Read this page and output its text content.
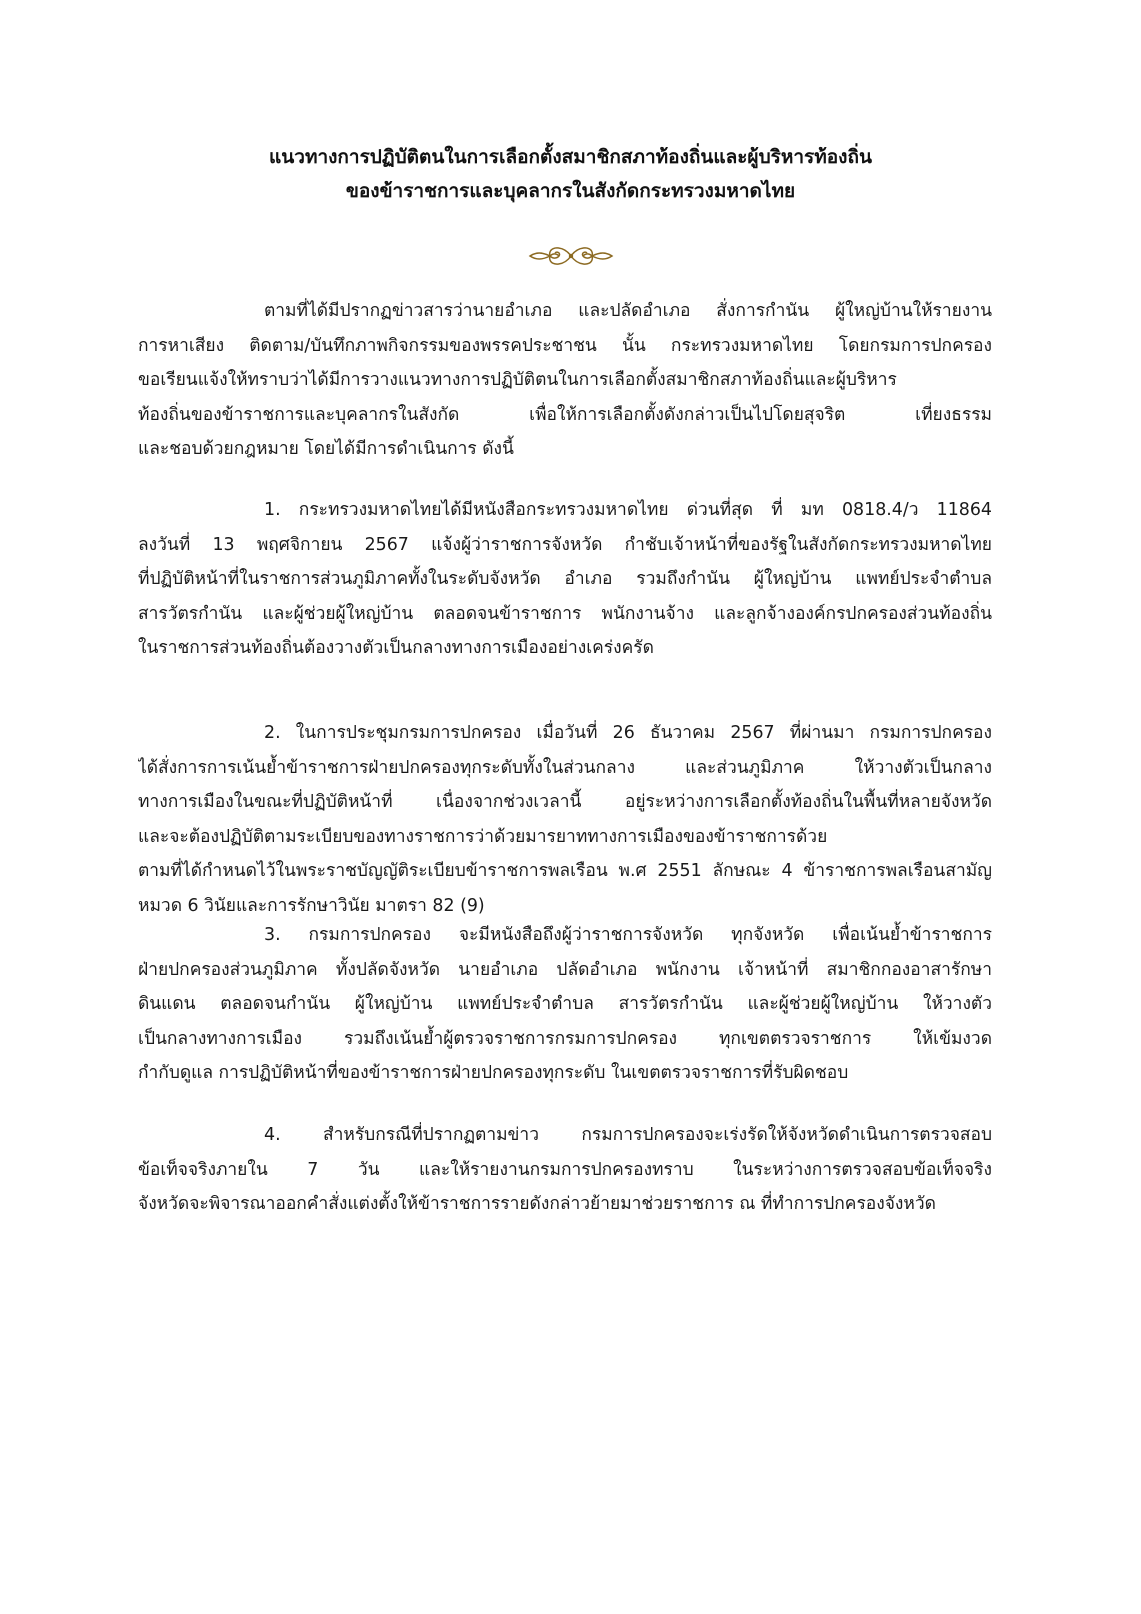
แนวทางการปฏิบัติตนในการเลือกตั้งสมาชิกสภาท้องถิ่นและผู้บริหารท้องถิ่น
ของข้าราชการและบุคลากรในสังกัดกระทรวงมหาดไทย
ตามที่ได้มีปรากฏข่าวสารว่านายอำเภอ และปลัดอำเภอ สั่งการกำนัน ผู้ใหญ่บ้านให้รายงาน
การหาเสียง ติดตาม/บันทึกภาพกิจกรรมของพรรคประชาชน นั้น กระทรวงมหาดไทย โดยกรมการปกครอง
ขอเรียนแจ้งให้ทราบว่าได้มีการวางแนวทางการปฏิบัติตนในการเลือกตั้งสมาชิกสภาท้องถิ่นและผู้บริหาร
ท้องถิ่นของข้าราชการและบุคลากรในสังกัด เพื่อให้การเลือกตั้งดังกล่าวเป็นไปโดยสุจริต เที่ยงธรรม
และชอบด้วยกฎหมาย โดยได้มีการดำเนินการ ดังนี้
1. กระทรวงมหาดไทยได้มีหนังสือกระทรวงมหาดไทย ด่วนที่สุด ที่ มท 0818.4/ว 11864
ลงวันที่ 13 พฤศจิกายน 2567 แจ้งผู้ว่าราชการจังหวัด กำชับเจ้าหน้าที่ของรัฐในสังกัดกระทรวงมหาดไทย
ที่ปฏิบัติหน้าที่ในราชการส่วนภูมิภาคทั้งในระดับจังหวัด อำเภอ รวมถึงกำนัน ผู้ใหญ่บ้าน แพทย์ประจำตำบล
สารวัตรกำนัน และผู้ช่วยผู้ใหญ่บ้าน ตลอดจนข้าราชการ พนักงานจ้าง และลูกจ้างองค์กรปกครองส่วนท้องถิ่น
ในราชการส่วนท้องถิ่นต้องวางตัวเป็นกลางทางการเมืองอย่างเคร่งครัด
2. ในการประชุมกรมการปกครอง เมื่อวันที่ 26 ธันวาคม 2567 ที่ผ่านมา กรมการปกครอง
ได้สั่งการการเน้นย้ำข้าราชการฝ่ายปกครองทุกระดับทั้งในส่วนกลาง และส่วนภูมิภาค ให้วางตัวเป็นกลาง
ทางการเมืองในขณะที่ปฏิบัติหน้าที่ เนื่องจากช่วงเวลานี้ อยู่ระหว่างการเลือกตั้งท้องถิ่นในพื้นที่หลายจังหวัด
และจะต้องปฏิบัติตามระเบียบของทางราชการว่าด้วยมารยาททางการเมืองของข้าราชการด้วย
ตามที่ได้กำหนดไว้ในพระราชบัญญัติระเบียบข้าราชการพลเรือน พ.ศ 2551 ลักษณะ 4 ข้าราชการพลเรือนสามัญ
หมวด 6 วินัยและการรักษาวินัย มาตรา 82 (9)
3. กรมการปกครอง จะมีหนังสือถึงผู้ว่าราชการจังหวัด ทุกจังหวัด เพื่อเน้นย้ำข้าราชการ
ฝ่ายปกครองส่วนภูมิภาค ทั้งปลัดจังหวัด นายอำเภอ ปลัดอำเภอ พนักงาน เจ้าหน้าที่ สมาชิกกองอาสารักษา
ดินแดน ตลอดจนกำนัน ผู้ใหญ่บ้าน แพทย์ประจำตำบล สารวัตรกำนัน และผู้ช่วยผู้ใหญ่บ้าน ให้วางตัว
เป็นกลางทางการเมือง รวมถึงเน้นย้ำผู้ตรวจราชการกรมการปกครอง ทุกเขตตรวจราชการ ให้เข้มงวด
กำกับดูแล การปฏิบัติหน้าที่ของข้าราชการฝ่ายปกครองทุกระดับ ในเขตตรวจราชการที่รับผิดชอบ
4. สำหรับกรณีที่ปรากฏตามข่าว กรมการปกครองจะเร่งรัดให้จังหวัดดำเนินการตรวจสอบ
ข้อเท็จจริงภายใน 7 วัน และให้รายงานกรมการปกครองทราบ ในระหว่างการตรวจสอบข้อเท็จจริง
จังหวัดจะพิจารณาออกคำสั่งแต่งตั้งให้ข้าราชการรายดังกล่าวย้ายมาช่วยราชการ ณ ที่ทำการปกครองจังหวัด
